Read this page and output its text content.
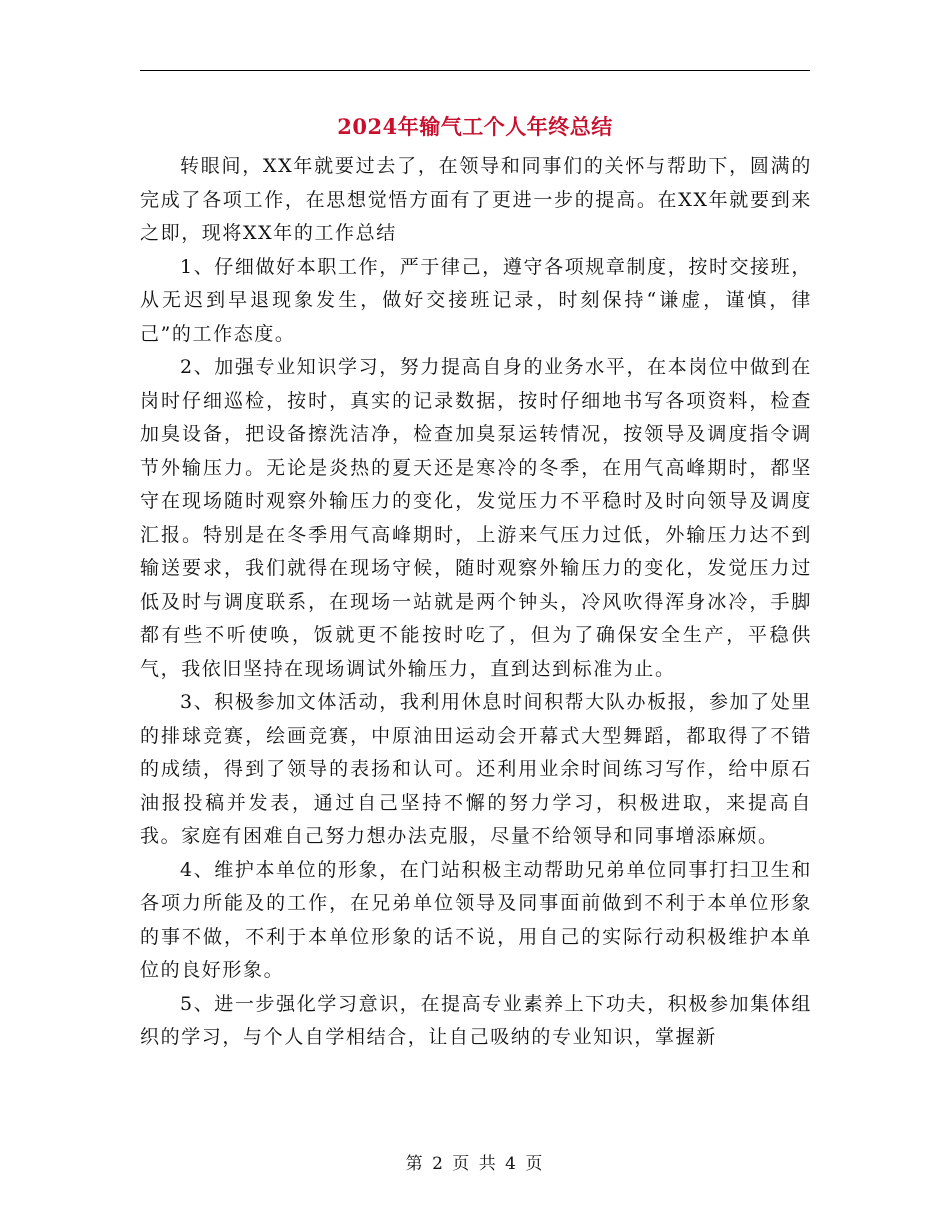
2024年输气工个人年终总结

转眼间，XX年就要过去了，在领导和同事们的关怀与帮助下，圆满的完成了各项工作，在思想觉悟方面有了更进一步的提高。在XX年就要到来之即，现将XX年的工作总结

1、仔细做好本职工作，严于律己，遵守各项规章制度，按时交接班，从无迟到早退现象发生，做好交接班记录，时刻保持“谦虚，谨慎，律己”的工作态度。

2、加强专业知识学习，努力提高自身的业务水平，在本岗位中做到在岗时仔细巡检，按时，真实的记录数据，按时仔细地书写各项资料，检查加臭设备，把设备擦洗洁净，检查加臭泵运转情况，按领导及调度指令调节外输压力。无论是炎热的夏天还是寒冷的冬季，在用气高峰期时，都坚守在现场随时观察外输压力的变化，发觉压力不平稳时及时向领导及调度汇报。特别是在冬季用气高峰期时，上游来气压力过低，外输压力达不到输送要求，我们就得在现场守候，随时观察外输压力的变化，发觉压力过低及时与调度联系，在现场一站就是两个钟头，冷风吹得浑身冰冷，手脚都有些不听使唤，饭就更不能按时吃了，但为了确保安全生产，平稳供气，我依旧坚持在现场调试外输压力，直到达到标准为止。

3、积极参加文体活动，我利用休息时间积帮大队办板报，参加了处里的排球竞赛，绘画竞赛，中原油田运动会开幕式大型舞蹈，都取得了不错的成绩，得到了领导的表扬和认可。还利用业余时间练习写作，给中原石油报投稿并发表，通过自己坚持不懈的努力学习，积极进取，来提高自我。家庭有困难自己努力想办法克服，尽量不给领导和同事增添麻烦。

4、维护本单位的形象，在门站积极主动帮助兄弟单位同事打扫卫生和各项力所能及的工作，在兄弟单位领导及同事面前做到不利于本单位形象的事不做，不利于本单位形象的话不说，用自己的实际行动积极维护本单位的良好形象。

5、进一步强化学习意识，在提高专业素养上下功夫，积极参加集体组织的学习，与个人自学相结合，让自己吸纳的专业知识，掌握新

第 2 页 共 4 页
